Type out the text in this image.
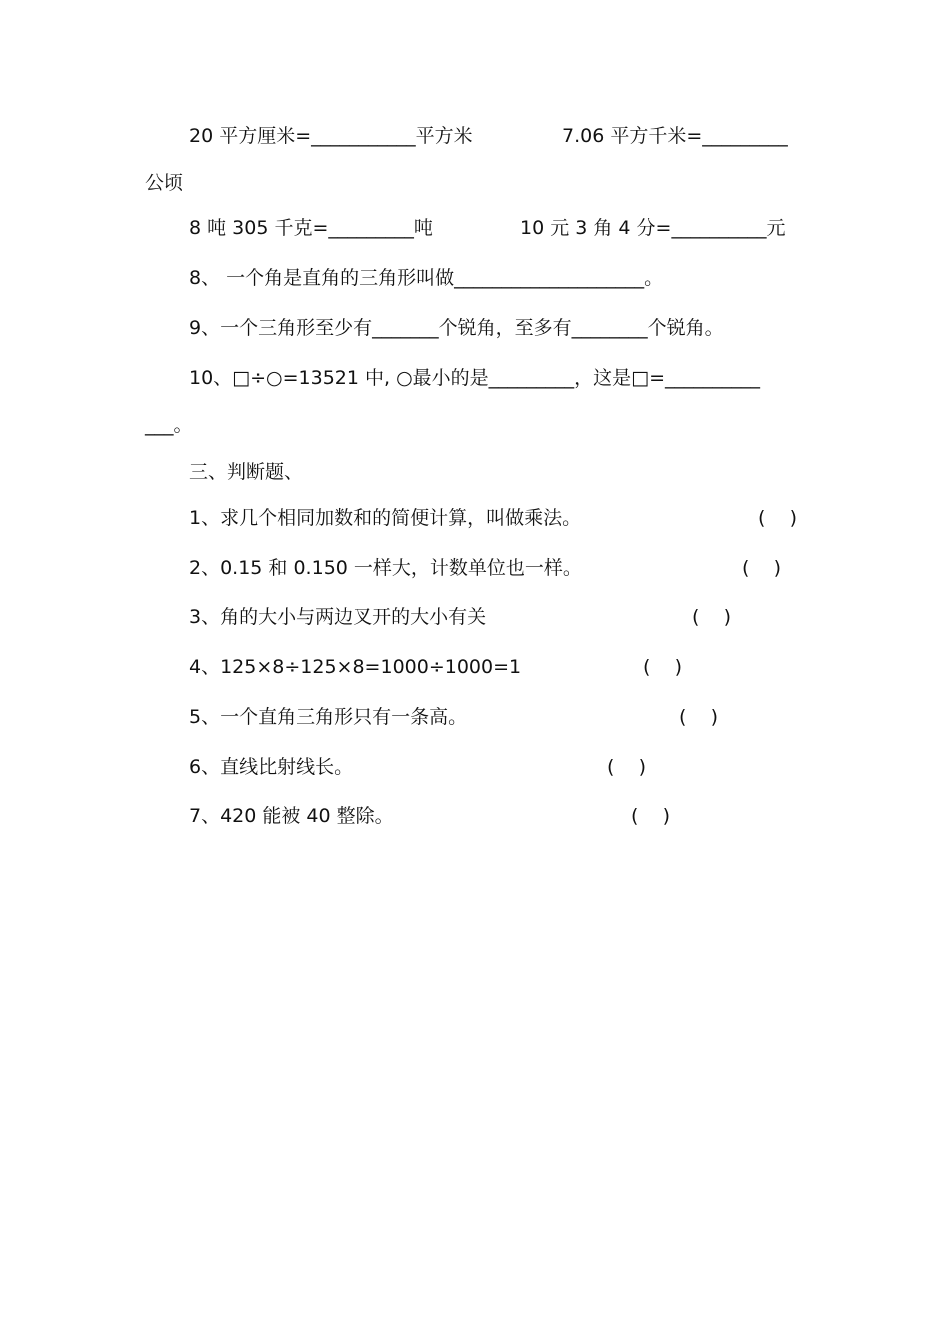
20 平方厘米=___________平方米	7.06 平方千米=_________
公顷
8 吨 305 千克=_________吨	10 元 3 角 4 分=__________元
8、 一个角是直角的三角形叫做____________________。
9、一个三角形至少有_______个锐角，至多有________个锐角。
10、□÷○=13521 中, ○最小的是_________，这是□=__________
___。
三、判断题、
1、求几个相同加数和的简便计算，叫做乘法。	(    )
2、0.15 和 0.150 一样大，计数单位也一样。	(    )
3、角的大小与两边叉开的大小有关	(    )
4、125×8÷125×8=1000÷1000=1	(    )
5、一个直角三角形只有一条高。	(    )
6、直线比射线长。	(    )
7、420 能被 40 整除。	(    )
